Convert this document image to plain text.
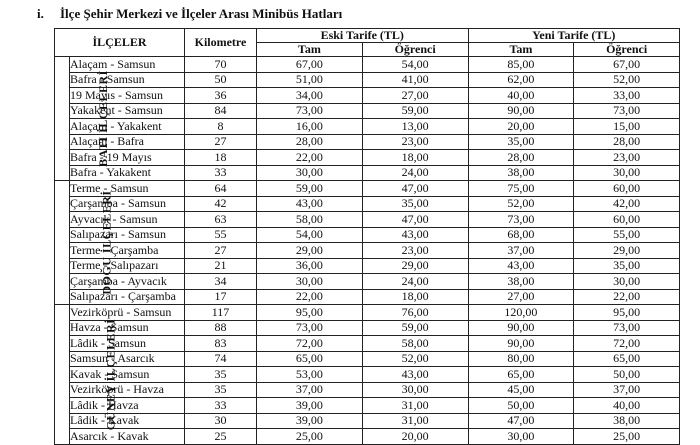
i. İlçe Şehir Merkezi ve İlçeler Arası Minibüs Hatları
İLÇELER		Kilometre	Eski Tarife (TL)		Yeni Tarife (TL)	
			Tam	Öğrenci	Tam	Öğrenci
BATI İLÇELERİ	Alaçam - Samsun	70	67,00	54,00	85,00	67,00
	Bafra - Samsun	50	51,00	41,00	62,00	52,00
	19 Mayıs - Samsun	36	34,00	27,00	40,00	33,00
	Yakakent - Samsun	84	73,00	59,00	90,00	73,00
	Alaçam - Yakakent	8	16,00	13,00	20,00	15,00
	Alaçam - Bafra	27	28,00	23,00	35,00	28,00
	Bafra - 19 Mayıs	18	22,00	18,00	28,00	23,00
	Bafra - Yakakent	33	30,00	24,00	38,00	30,00
DOĞU İLÇELERİ	Terme - Samsun	64	59,00	47,00	75,00	60,00
	Çarşamba - Samsun	42	43,00	35,00	52,00	42,00
	Ayvacık - Samsun	63	58,00	47,00	73,00	60,00
	Salıpazarı - Samsun	55	54,00	43,00	68,00	55,00
	Terme - Çarşamba	27	29,00	23,00	37,00	29,00
	Terme - Salıpazarı	21	36,00	29,00	43,00	35,00
	Çarşamba - Ayvacık	34	30,00	24,00	38,00	30,00
	Salıpazarı - Çarşamba	17	22,00	18,00	27,00	22,00
GÜNEY İLÇELERİ	Vezirköprü - Samsun	117	95,00	76,00	120,00	95,00
	Havza - Samsun	88	73,00	59,00	90,00	73,00
	Lâdik - Samsun	83	72,00	58,00	90,00	72,00
	Samsun - Asarcık	74	65,00	52,00	80,00	65,00
	Kavak - Samsun	35	53,00	43,00	65,00	50,00
	Vezirköprü - Havza	35	37,00	30,00	45,00	37,00
	Lâdik - Havza	33	39,00	31,00	50,00	40,00
	Lâdik - Kavak	30	39,00	31,00	47,00	38,00
	Asarcık - Kavak	25	25,00	20,00	30,00	25,00
